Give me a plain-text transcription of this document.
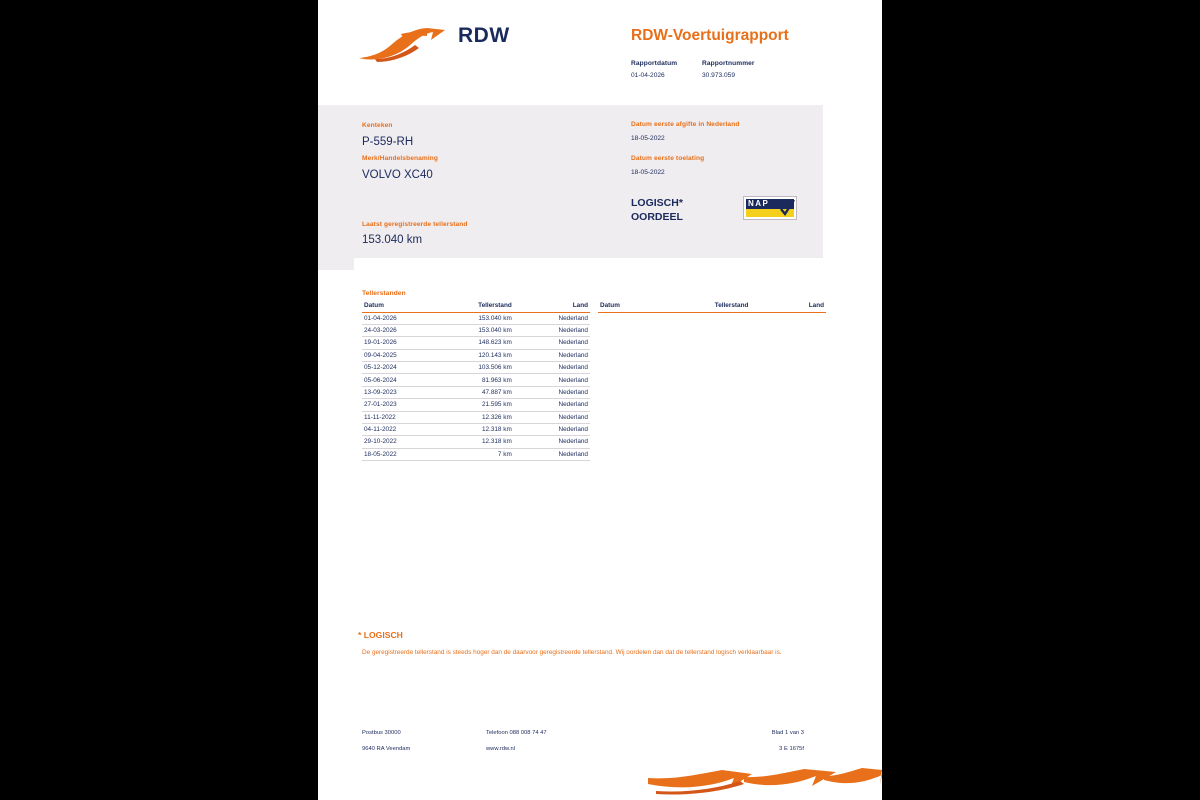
RDW	RDW-Voertuigrapport
Rapportdatum
01-04-2026
Rapportnummer
30.973.059
Kenteken
P-559-RH
Merk/Handelsbenaming
VOLVO XC40
Laatst geregistreerde tellerstand
153.040 km
Datum eerste afgifte in Nederland
18-05-2022
Datum eerste toelating
18-05-2022
LOGISCH*
OORDEEL
NAP
Tellerstanden
Datum	Tellerstand	Land
01-04-2026	153.040 km	Nederland
24-03-2026	153.040 km	Nederland
19-01-2026	148.623 km	Nederland
09-04-2025	120.143 km	Nederland
05-12-2024	103.506 km	Nederland
05-06-2024	81.963 km	Nederland
13-09-2023	47.887 km	Nederland
27-01-2023	21.595 km	Nederland
11-11-2022	12.326 km	Nederland
04-11-2022	12.318 km	Nederland
29-10-2022	12.318 km	Nederland
18-05-2022	7 km	Nederland
Datum	Tellerstand	Land
* LOGISCH
De geregistreerde tellerstand is steeds hoger dan de daarvoor geregistreerde tellerstand. Wij oordelen dan dat de tellerstand logisch verklaarbaar is.
Postbus 30000
9640 RA Veendam
Telefoon 088 008 74 47
www.rdw.nl
Blad 1 van 3
3 E 1675f
